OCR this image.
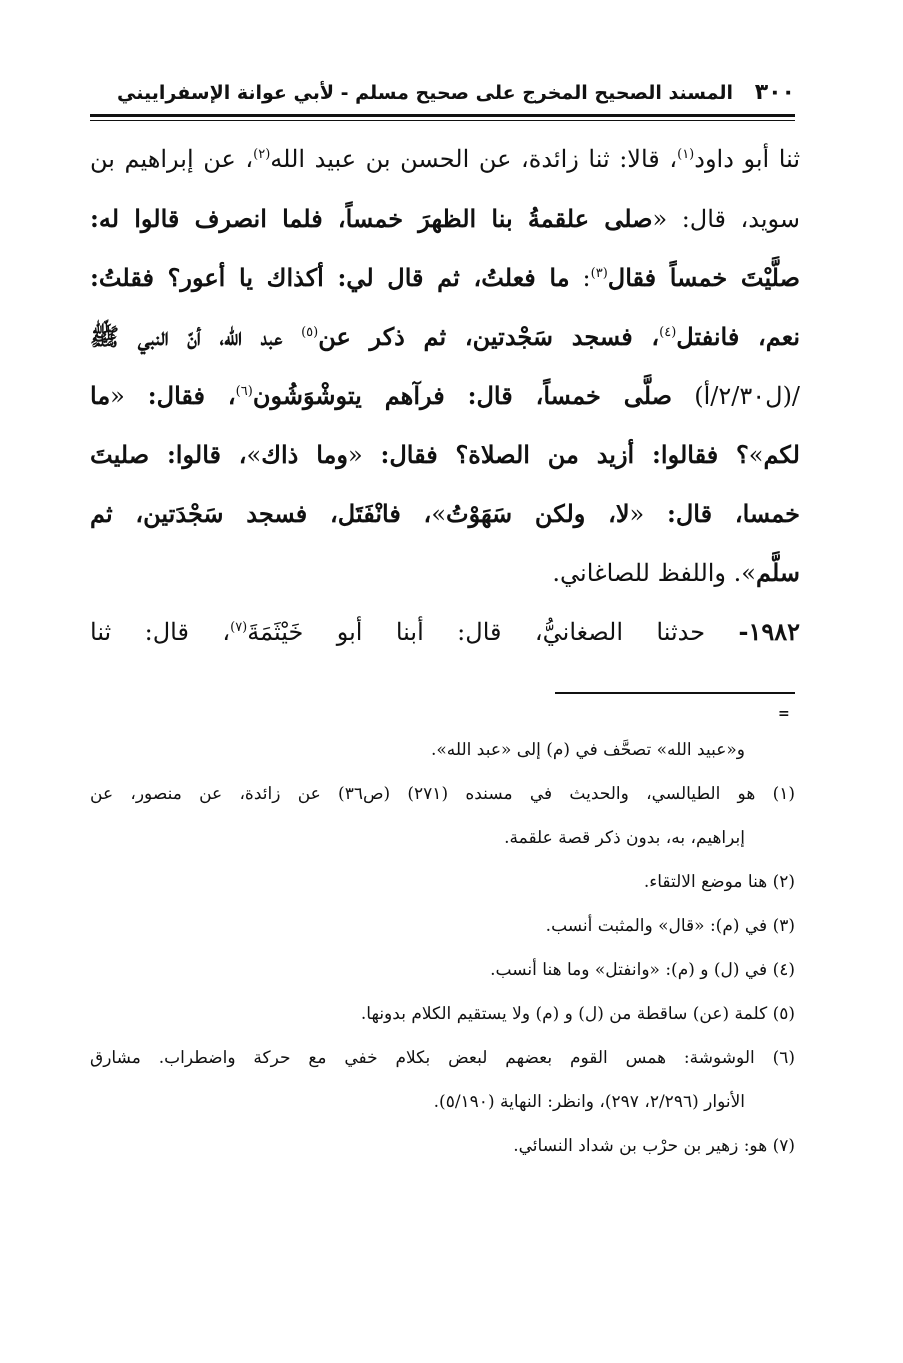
٣٠٠
المسند الصحيح المخرج على صحيح مسلم - لأبي عوانة الإسفراييني
ثنا أبو داود$^{(١)}$، قالا: ثنا زائدة، عن الحسن بن عبيد الله$^{(٢)}$، عن إبراهيم بن
سويد، قال: «صلى علقمةُ بنا الظهرَ خمساً، فلما انصرف قالوا له:
صلَّيْتَ خمساً فقال$^{(٣)}$: ما فعلتُ، ثم قال لي: أكذاك يا أعور؟ فقلتُ:
نعم، فانفتل$^{(٤)}$، فسجد سَجْدتين، ثم ذكر عن$^{(٥)}$ عبد الله، أنّ النبي ﷺ
/(ل٢/٣٠/أ) صلَّى خمساً، قال: فرآهم يتوشْوَشُون$^{(٦)}$، فقال: «ما
لكم»؟ فقالوا: أزيد من الصلاة؟ فقال: «وما ذاك»، قالوا: صليتَ
خمسا، قال: «لا، ولكن سَهَوْتُ»، فانْفَتَل، فسجد سَجْدَتين، ثم
سلَّم». واللفظ للصاغاني.
١٩٨٢- حدثنا الصغانيُّ، قال: أبنا أبو خَيْثَمَةَ$^{(٧)}$، قال: ثنا
=
و«عبيد الله» تصحَّف في (م) إلى «عبد الله».
(١) هو الطيالسي، والحديث في مسنده (٢٧١) (ص٣٦) عن زائدة، عن منصور، عن
إبراهيم، به، بدون ذكر قصة علقمة.
(٢) هنا موضع الالتقاء.
(٣) في (م): «قال» والمثبت أنسب.
(٤) في (ل) و (م): «وانفتل» وما هنا أنسب.
(٥) كلمة (عن) ساقطة من (ل) و (م) ولا يستقيم الكلام بدونها.
(٦) الوشوشة: همس القوم بعضهم لبعض بكلام خفي مع حركة واضطراب. مشارق
الأنوار (٢/٢٩٦، ٢٩٧)، وانظر: النهاية (٥/١٩٠).
(٧) هو: زهير بن حرْب بن شداد النسائي.
